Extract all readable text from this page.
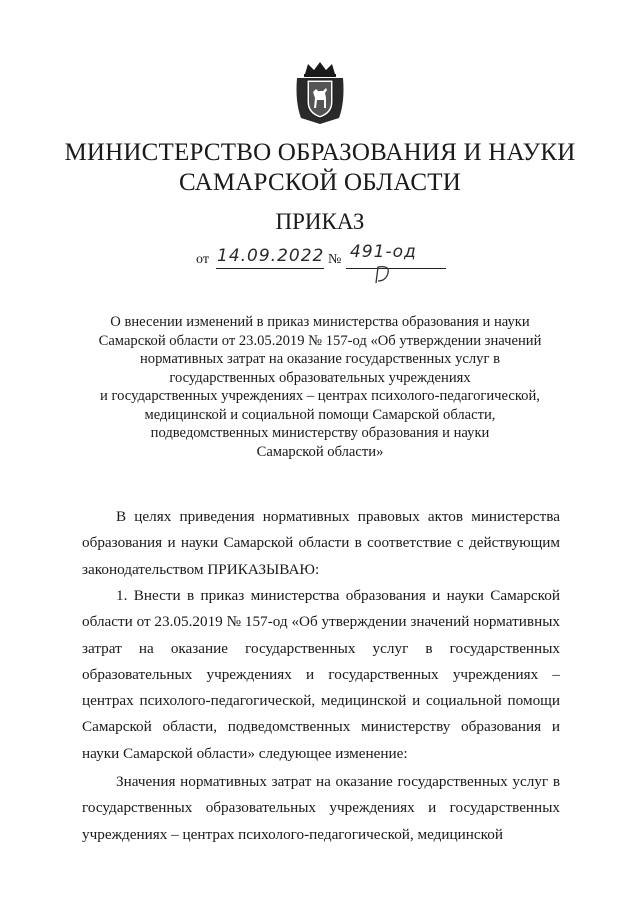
МИНИСТЕРСТВО ОБРАЗОВАНИЯ И НАУКИ
САМАРСКОЙ ОБЛАСТИ
ПРИКАЗ
от 14.09.2022 № 491-од
О внесении изменений в приказ министерства образования и науки
Самарской области от 23.05.2019 № 157-од «Об утверждении значений
нормативных затрат на оказание государственных услуг в
государственных образовательных учреждениях
и государственных учреждениях – центрах психолого-педагогической,
медицинской и социальной помощи Самарской области,
подведомственных министерству образования и науки
Самарской области»

В целях приведения нормативных правовых актов министерства образования и науки Самарской области в соответствие с действующим законодательством ПРИКАЗЫВАЮ:

1. Внести в приказ министерства образования и науки Самарской области от 23.05.2019 № 157-од «Об утверждении значений нормативных затрат на оказание государственных услуг в государственных образовательных учреждениях и государственных учреждениях – центрах психолого-педагогической, медицинской и социальной помощи Самарской области, подведомственных министерству образования и науки Самарской области» следующее изменение:

Значения нормативных затрат на оказание государственных услуг в государственных образовательных учреждениях и государственных учреждениях – центрах психолого-педагогической, медицинской
